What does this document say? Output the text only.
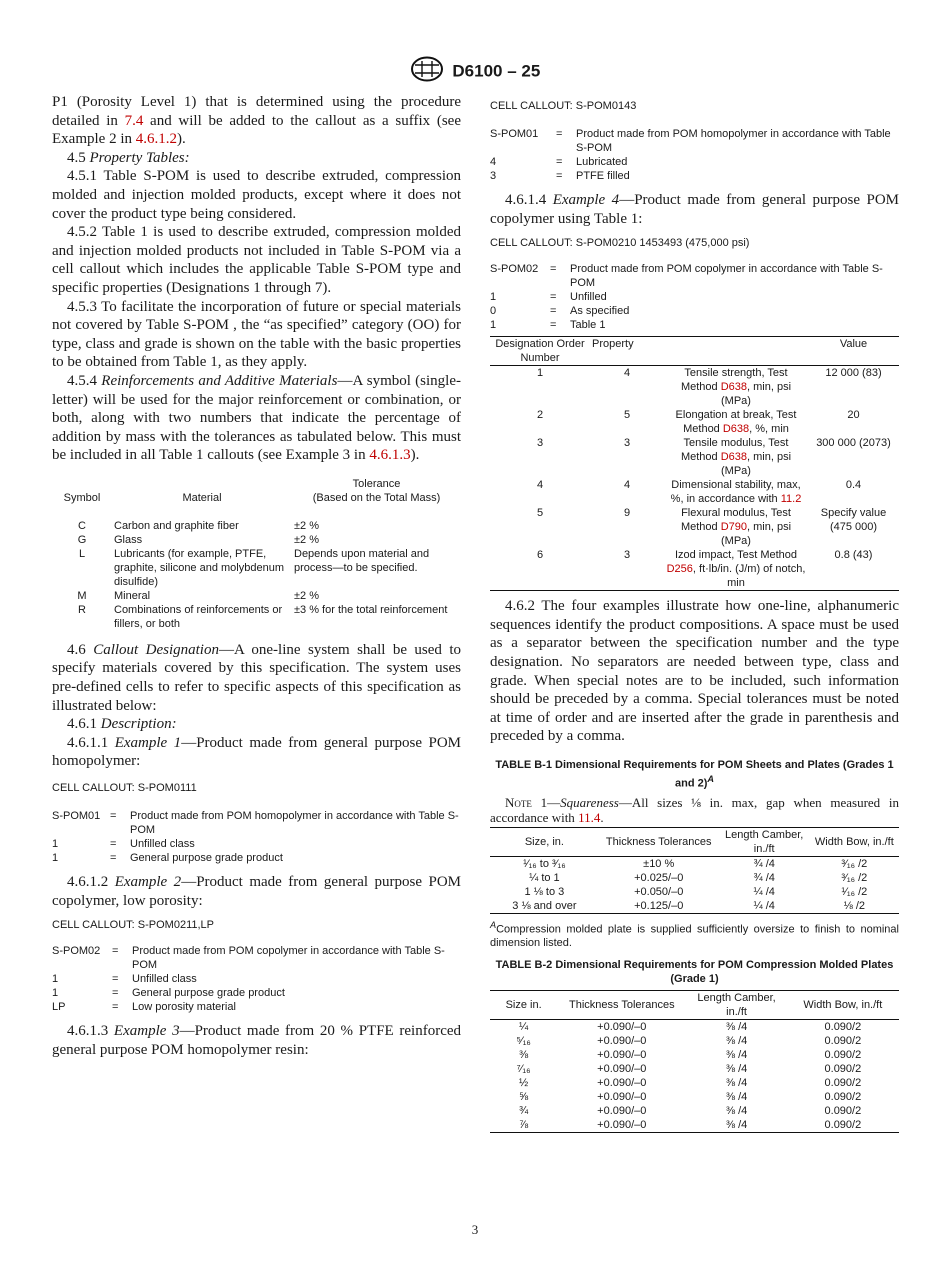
D6100 – 25

P1 (Porosity Level 1) that is determined using the procedure detailed in 7.4 and will be added to the callout as a suffix (see Example 2 in 4.6.1.2).

4.5 Property Tables:

4.5.1 Table S-POM is used to describe extruded, compression molded and injection molded products, except where it does not cover the product type being considered.

4.5.2 Table 1 is used to describe extruded, compression molded and injection molded products not included in Table S-POM via a cell callout which includes the applicable Table S-POM type and specific properties (Designations 1 through 7).

4.5.3 To facilitate the incorporation of future or special materials not covered by Table S-POM , the “as specified” category (OO) for type, class and grade is shown on the table with the basic properties to be obtained from Table 1, as they apply.

4.5.4 Reinforcements and Additive Materials—A symbol (single-letter) will be used for the major reinforcement or combination, or both, along with two numbers that indicate the percentage of addition by mass with the tolerances as tabulated below. This must be included in all Table 1 callouts (see Example 3 in 4.6.1.3).

Symbol	Material	Tolerance
(Based on the Total Mass)

C	Carbon and graphite fiber	±2 %
G	Glass	±2 %
L	Lubricants (for example, PTFE, graphite, silicone and molybdenum disulfide)	Depends upon material and process—to be specified.
M	Mineral	±2 %
R	Combinations of reinforcements or fillers, or both	±3 % for the total reinforcement

4.6 Callout Designation—A one-line system shall be used to specify materials covered by this specification. The system uses pre-defined cells to refer to specific aspects of this specification as illustrated below:

4.6.1 Description:

4.6.1.1 Example 1—Product made from general purpose POM homopolymer:

CELL CALLOUT: S-POM0111
S-POM01 =	Product made from POM homopolymer in accordance with Table S-POM
1	=	Unfilled class
1	=	General purpose grade product

4.6.1.2 Example 2—Product made from general purpose POM copolymer, low porosity:

CELL CALLOUT: S-POM0211,LP
S-POM02	=	Product made from POM copolymer in accordance with Table S-POM
1	=	Unfilled class
1	=	General purpose grade product
LP	=	Low porosity material

4.6.1.3 Example 3—Product made from 20 % PTFE reinforced general purpose POM homopolymer resin:

CELL CALLOUT: S-POM0143
S-POM01	=	Product made from POM homopolymer in accordance with Table S-POM
4	=	Lubricated
3	=	PTFE filled

4.6.1.4 Example 4—Product made from general purpose POM copolymer using Table 1:

CELL CALLOUT: S-POM0210 1453493 (475,000 psi)
S-POM02	=	Product made from POM copolymer in accordance with Table S-POM
1	=	Unfilled
0	=	As specified
1	=	Table 1
Designation Order Number	Property		Value
1	4	Tensile strength, Test Method D638, min, psi (MPa)	12 000 (83)
2	5	Elongation at break, Test Method D638, %, min	20
3	3	Tensile modulus, Test Method D638, min, psi (MPa)	300 000 (2073)
4	4	Dimensional stability, max, %, in accordance with 11.2	0.4
5	9	Flexural modulus, Test Method D790, min, psi (MPa)	Specify value (475 000)
6	3	Izod impact, Test Method D256, ft·lb/in. (J/m) of notch, min	0.8 (43)

4.6.2 The four examples illustrate how one-line, alphanumeric sequences identify the product compositions. A space must be used as a separator between the specification number and the type designation. No separators are needed between type, class and grade. When special notes are to be included, such information should be preceded by a comma. Special tolerances must be noted at time of order and are inserted after the grade in parenthesis and preceded by a comma.

TABLE B-1 Dimensional Requirements for POM Sheets and Plates (Grades 1 and 2)$^A$

Note 1—Squareness—All sizes ⅛ in. max, gap when measured in accordance with 11.4.

Size, in.	Thickness Tolerances	Length Camber, in./ft	Width Bow, in./ft
¹⁄₁₆ to ³⁄₁₆	±10 %	¾ /4	³⁄₁₆ /2
¼ to 1	+0.025/–0	¾ /4	³⁄₁₆ /2
1 ⅛ to 3	+0.050/–0	¼ /4	¹⁄₁₆ /2
3 ⅛ and over	+0.125/–0	¼ /4	⅛ /2
$^A$Compression molded plate is supplied sufficiently oversize to finish to nominal dimension listed.
TABLE B-2 Dimensional Requirements for POM Compression Molded Plates (Grade 1)
Size in.	Thickness Tolerances	Length Camber, in./ft	Width Bow, in./ft
¼	+0.090/–0	⅜ /4	0.090/2
⁵⁄₁₆	+0.090/–0	⅜ /4	0.090/2
⅜	+0.090/–0	⅜ /4	0.090/2
⁷⁄₁₆	+0.090/–0	⅜ /4	0.090/2
½	+0.090/–0	⅜ /4	0.090/2
⅝	+0.090/–0	⅜ /4	0.090/2
¾	+0.090/–0	⅜ /4	0.090/2
⅞	+0.090/–0	⅜ /4	0.090/2
3
